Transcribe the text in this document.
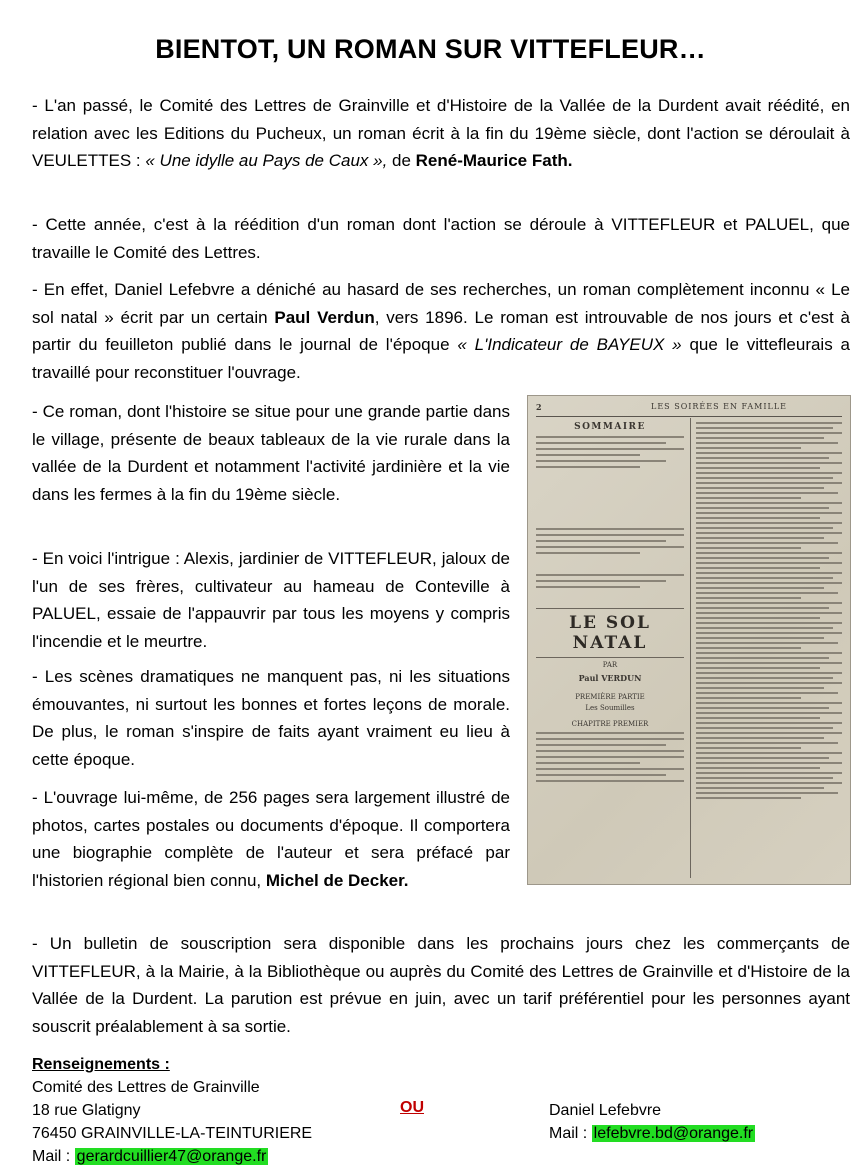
BIENTOT, UN ROMAN SUR VITTEFLEUR…

- L'an passé, le Comité des Lettres de Grainville et d'Histoire de la Vallée de la Durdent avait réédité, en relation avec les Editions du Pucheux, un roman écrit à la fin du 19ème siècle, dont l'action se déroulait à VEULETTES : « Une idylle au Pays de Caux », de René-Maurice Fath.

- Cette année, c'est à la réédition d'un roman dont l'action se déroule à VITTEFLEUR et PALUEL, que travaille le Comité des Lettres.

- En effet, Daniel Lefebvre a déniché au hasard de ses recherches, un roman complètement inconnu « Le sol natal » écrit par un certain Paul Verdun, vers 1896. Le roman est introuvable de nos jours et c'est à partir du feuilleton publié dans le journal de l'époque « L'Indicateur de BAYEUX » que le vittefleurais a travaillé pour reconstituer l'ouvrage.

- Ce roman, dont l'histoire se situe pour une grande partie dans le village, présente de beaux tableaux de la vie rurale dans la vallée de la Durdent et notamment l'activité jardinière et la vie dans les fermes à la fin du 19ème siècle.

- En voici l'intrigue : Alexis, jardinier de VITTEFLEUR, jaloux de l'un de ses frères, cultivateur au hameau de Conteville à PALUEL, essaie de l'appauvrir par tous les moyens y compris l'incendie et le meurtre.

- Les scènes dramatiques ne manquent pas, ni les situations émouvantes, ni surtout les bonnes et fortes leçons de morale. De plus, le roman s'inspire de faits ayant vraiment eu lieu à cette époque.

- L'ouvrage lui-même, de 256 pages sera largement illustré de photos, cartes postales ou documents d'époque. Il comportera une biographie complète de l'auteur et sera préfacé par l'historien régional bien connu, Michel de Decker.

2	LES SOIRÉES EN FAMILLE
SOMMAIRE
LE SOL NATAL
PAR
Paul VERDUN
PREMIÈRE PARTIE
Les Soumilles
CHAPITRE PREMIER

- Un bulletin de souscription sera disponible dans les prochains jours chez les commerçants de VITTEFLEUR, à la Mairie, à la Bibliothèque ou auprès du Comité des Lettres de Grainville et d'Histoire de la Vallée de la Durdent. La parution est prévue en juin, avec un tarif préférentiel pour les personnes ayant souscrit préalablement à sa sortie.

Renseignements :
Comité des Lettres de Grainville
18 rue Glatigny
76450 GRAINVILLE-LA-TEINTURIERE
Mail : gerardcuillier47@orange.fr
OU	Daniel Lefebvre
Mail : lefebvre.bd@orange.fr
